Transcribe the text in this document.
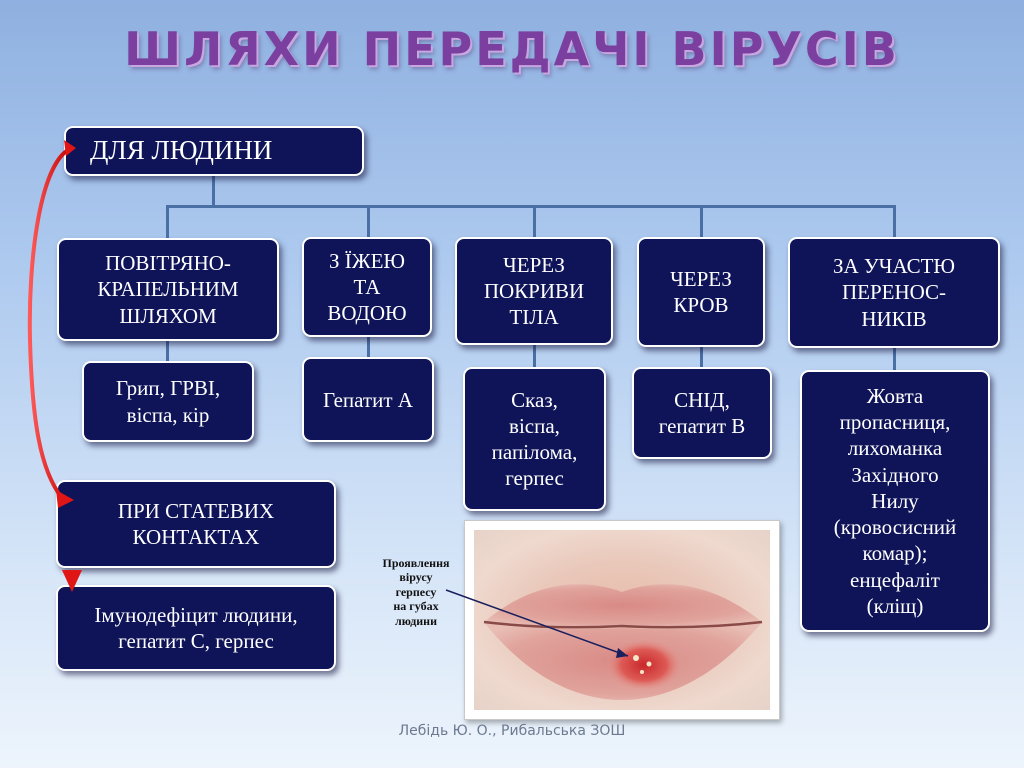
ШЛЯХИ ПЕРЕДАЧІ ВІРУСІВ
ДЛЯ ЛЮДИНИ
ПОВІТРЯНО-
КРАПЕЛЬНИМ
ШЛЯХОМ
З ЇЖЕЮ
ТА
ВОДОЮ
ЧЕРЕЗ
ПОКРИВИ
ТІЛА
ЧЕРЕЗ
КРОВ
ЗА УЧАСТЮ
ПЕРЕНОС-
НИКІВ
Грип, ГРВІ,
віспа, кір
Гепатит А	Сказ,
віспа,
папілома,
герпес
СНІД,
гепатит В
Жовта
пропасниця,
лихоманка
Західного
Нилу
(кровосисний
комар);
енцефаліт
(кліщ)
ПРИ СТАТЕВИХ
КОНТАКТАХ
Імунодефіцит людини,
гепатит С, герпес
Проявлення
вірусу
герпесу
на губах
людини
Лебідь Ю. О., Рибальська ЗОШ
